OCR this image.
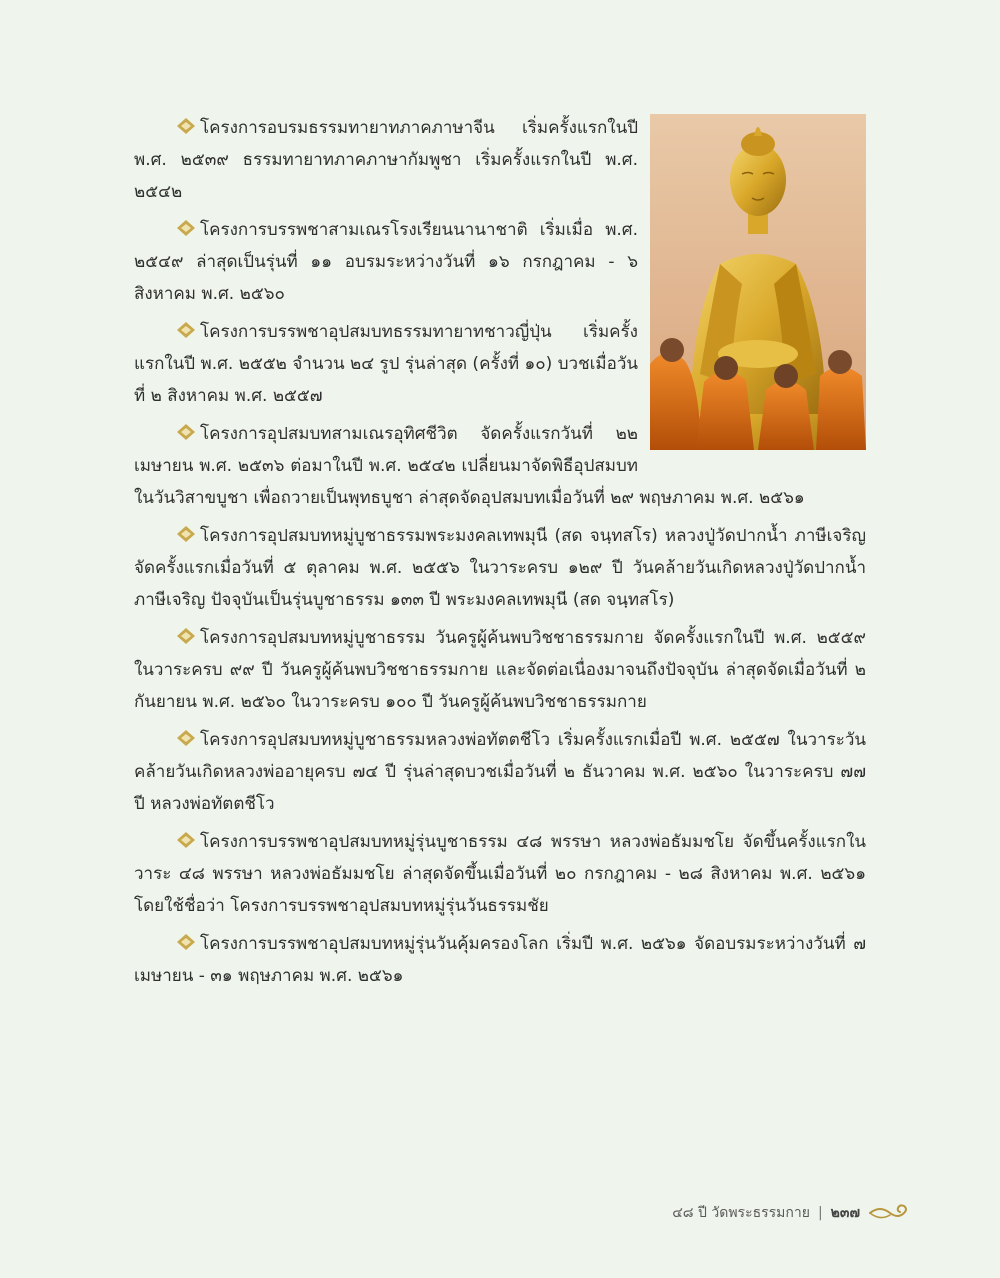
โครงการอบรมธรรมทายาทภาคภาษาจีน เริ่มครั้งแรกในปี พ.ศ. ๒๕๓๙ ธรรมทายาทภาคภาษากัมพูชา เริ่มครั้งแรกในปี พ.ศ. ๒๕๔๒

โครงการบรรพชาสามเณรโรงเรียนนานาชาติ เริ่มเมื่อ พ.ศ. ๒๕๔๙ ล่าสุดเป็นรุ่นที่ ๑๑ อบรมระหว่างวันที่ ๑๖ กรกฎาคม - ๖ สิงหาคม พ.ศ. ๒๕๖๐

โครงการบรรพชาอุปสมบทธรรมทายาทชาวญี่ปุ่น เริ่มครั้งแรกในปี พ.ศ. ๒๕๕๒ จำนวน ๒๔ รูป รุ่นล่าสุด (ครั้งที่ ๑๐) บวชเมื่อวันที่ ๒ สิงหาคม พ.ศ. ๒๕๕๗

โครงการอุปสมบทสามเณรอุทิศชีวิต จัดครั้งแรกวันที่ ๒๒ เมษายน พ.ศ. ๒๕๓๖ ต่อมาในปี พ.ศ. ๒๕๔๒ เปลี่ยนมาจัดพิธีอุปสมบทในวันวิสาขบูชา เพื่อถวายเป็นพุทธบูชา ล่าสุดจัดอุปสมบทเมื่อวันที่ ๒๙ พฤษภาคม พ.ศ. ๒๕๖๑

โครงการอุปสมบทหมู่บูชาธรรมพระมงคลเทพมุนี (สด จนฺทสโร) หลวงปู่วัดปากน้ำ ภาษีเจริญ จัดครั้งแรกเมื่อวันที่ ๕ ตุลาคม พ.ศ. ๒๕๕๖ ในวาระครบ ๑๒๙ ปี วันคล้ายวันเกิดหลวงปู่วัดปากน้ำ ภาษีเจริญ ปัจจุบันเป็นรุ่นบูชาธรรม ๑๓๓ ปี พระมงคลเทพมุนี (สด จนฺทสโร)

โครงการอุปสมบทหมู่บูชาธรรม วันครูผู้ค้นพบวิชชาธรรมกาย จัดครั้งแรกในปี พ.ศ. ๒๕๕๙ ในวาระครบ ๙๙ ปี วันครูผู้ค้นพบวิชชาธรรมกาย และจัดต่อเนื่องมาจนถึงปัจจุบัน ล่าสุดจัดเมื่อวันที่ ๒ กันยายน พ.ศ. ๒๕๖๐ ในวาระครบ ๑๐๐ ปี วันครูผู้ค้นพบวิชชาธรรมกาย

โครงการอุปสมบทหมู่บูชาธรรมหลวงพ่อทัตตชีโว เริ่มครั้งแรกเมื่อปี พ.ศ. ๒๕๕๗ ในวาระวันคล้ายวันเกิดหลวงพ่ออายุครบ ๗๔ ปี รุ่นล่าสุดบวชเมื่อวันที่ ๒ ธันวาคม พ.ศ. ๒๕๖๐ ในวาระครบ ๗๗ ปี หลวงพ่อทัตตชีโว

โครงการบรรพชาอุปสมบทหมู่รุ่นบูชาธรรม ๔๘ พรรษา หลวงพ่อธัมมชโย จัดขึ้นครั้งแรกในวาระ ๔๘ พรรษา หลวงพ่อธัมมชโย ล่าสุดจัดขึ้นเมื่อวันที่ ๒๐ กรกฎาคม - ๒๘ สิงหาคม พ.ศ. ๒๕๖๑ โดยใช้ชื่อว่า โครงการบรรพชาอุปสมบทหมู่รุ่นวันธรรมชัย

โครงการบรรพชาอุปสมบทหมู่รุ่นวันคุ้มครองโลก เริ่มปี พ.ศ. ๒๕๖๑ จัดอบรมระหว่างวันที่ ๗ เมษายน - ๓๑ พฤษภาคม พ.ศ. ๒๕๖๑

๔๘ ปี วัดพระธรรมกาย | ๒๓๗
